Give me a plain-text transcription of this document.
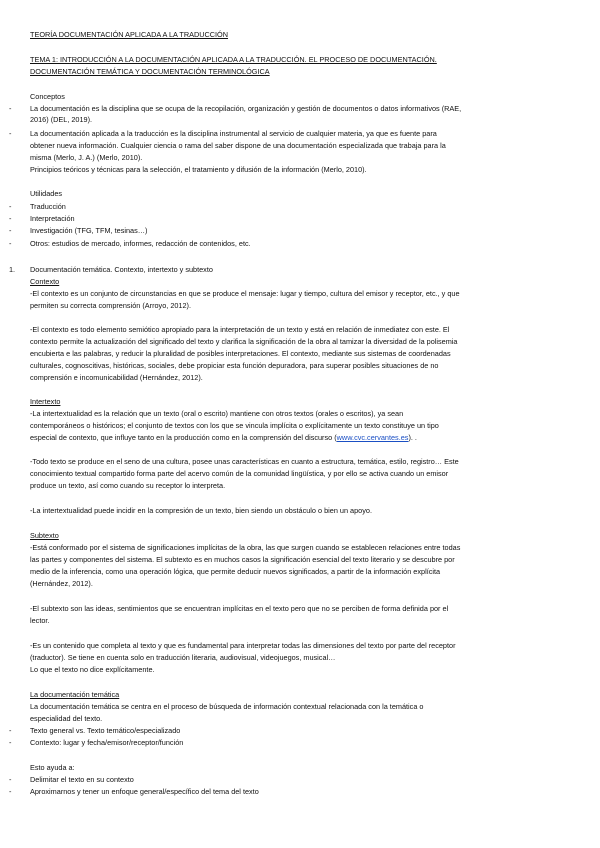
TEORÍA DOCUMENTACIÓN APLICADA A LA TRADUCCIÓN
TEMA 1: INTRODUCCIÓN A LA DOCUMENTACIÓN APLICADA A LA TRADUCCIÓN. EL PROCESO DE DOCUMENTACIÓN.
DOCUMENTACIÓN TEMÁTICA Y DOCUMENTACIÓN TERMINOLÓGICA
Conceptos
-	La documentación es la disciplina que se ocupa de la recopilación, organización y gestión de documentos o datos informativos (RAE,
2016) (DEL, 2019).
-	La documentación aplicada a la traducción es la disciplina instrumental al servicio de cualquier materia, ya que es fuente para
obtener nueva información. Cualquier ciencia o rama del saber dispone de una documentación especializada que trabaja para la
misma (Merlo, J. A.) (Merlo, 2010).
Principios teóricos y técnicas para la selección, el tratamiento y difusión de la información (Merlo, 2010).
Utilidades
-	Traducción
-	Interpretación
-	Investigación (TFG, TFM, tesinas…)
-	Otros: estudios de mercado, informes, redacción de contenidos, etc.
1. Documentación temática. Contexto, intertexto y subtexto
Contexto
-El contexto es un conjunto de circunstancias en que se produce el mensaje: lugar y tiempo, cultura del emisor y receptor, etc., y que
permiten su correcta comprensión (Arroyo, 2012).
-El contexto es todo elemento semiótico apropiado para la interpretación de un texto y está en relación de inmediatez con este. El
contexto permite la actualización del significado del texto y clarifica la significación de la obra al tamizar la diversidad de la polisemia
encubierta e las palabras, y reducir la pluralidad de posibles interpretaciones. El contexto, mediante sus sistemas de coordenadas
culturales, cognoscitivas, históricas, sociales, debe propiciar esta función depuradora, para superar posibles situaciones de no
comprensión e incomunicabilidad (Hernández, 2012).
Intertexto
-La intertextualidad es la relación que un texto (oral o escrito) mantiene con otros textos (orales o escritos), ya sean
contemporáneos o históricos; el conjunto de textos con los que se vincula implícita o explícitamente un texto constituye un tipo
especial de contexto, que influye tanto en la producción como en la comprensión del discurso (www.cvc.cervantes.es). .
-Todo texto se produce en el seno de una cultura, posee unas características en cuanto a estructura, temática, estilo, registro… Este
conocimiento textual compartido forma parte del acervo común de la comunidad lingüística, y por ello se activa cuando un emisor
produce un texto, así como cuando su receptor lo interpreta.
-La intertextualidad puede incidir en la compresión de un texto, bien siendo un obstáculo o bien un apoyo.
Subtexto
-Está conformado por el sistema de significaciones implícitas de la obra, las que surgen cuando se establecen relaciones entre todas
las partes y componentes del sistema. El subtexto es en muchos casos la significación esencial del texto literario y se descubre por
medio de la inferencia, como una operación lógica, que permite deducir nuevos significados, a partir de la información explícita
(Hernández, 2012).
-El subtexto son las ideas, sentimientos que se encuentran implícitas en el texto pero que no se perciben de forma definida por el
lector.
-Es un contenido que completa al texto y que es fundamental para interpretar todas las dimensiones del texto por parte del receptor
(traductor). Se tiene en cuenta solo en traducción literaria, audiovisual, videojuegos, musical…
Lo que el texto no dice explícitamente.
La documentación temática
La documentación temática se centra en el proceso de búsqueda de información contextual relacionada con la temática o
especialidad del texto.
-	Texto general vs. Texto temático/especializado
-	Contexto: lugar y fecha/emisor/receptor/función
Esto ayuda a:
-	Delimitar el texto en su contexto
-	Aproximarnos y tener un enfoque general/específico del tema del texto
